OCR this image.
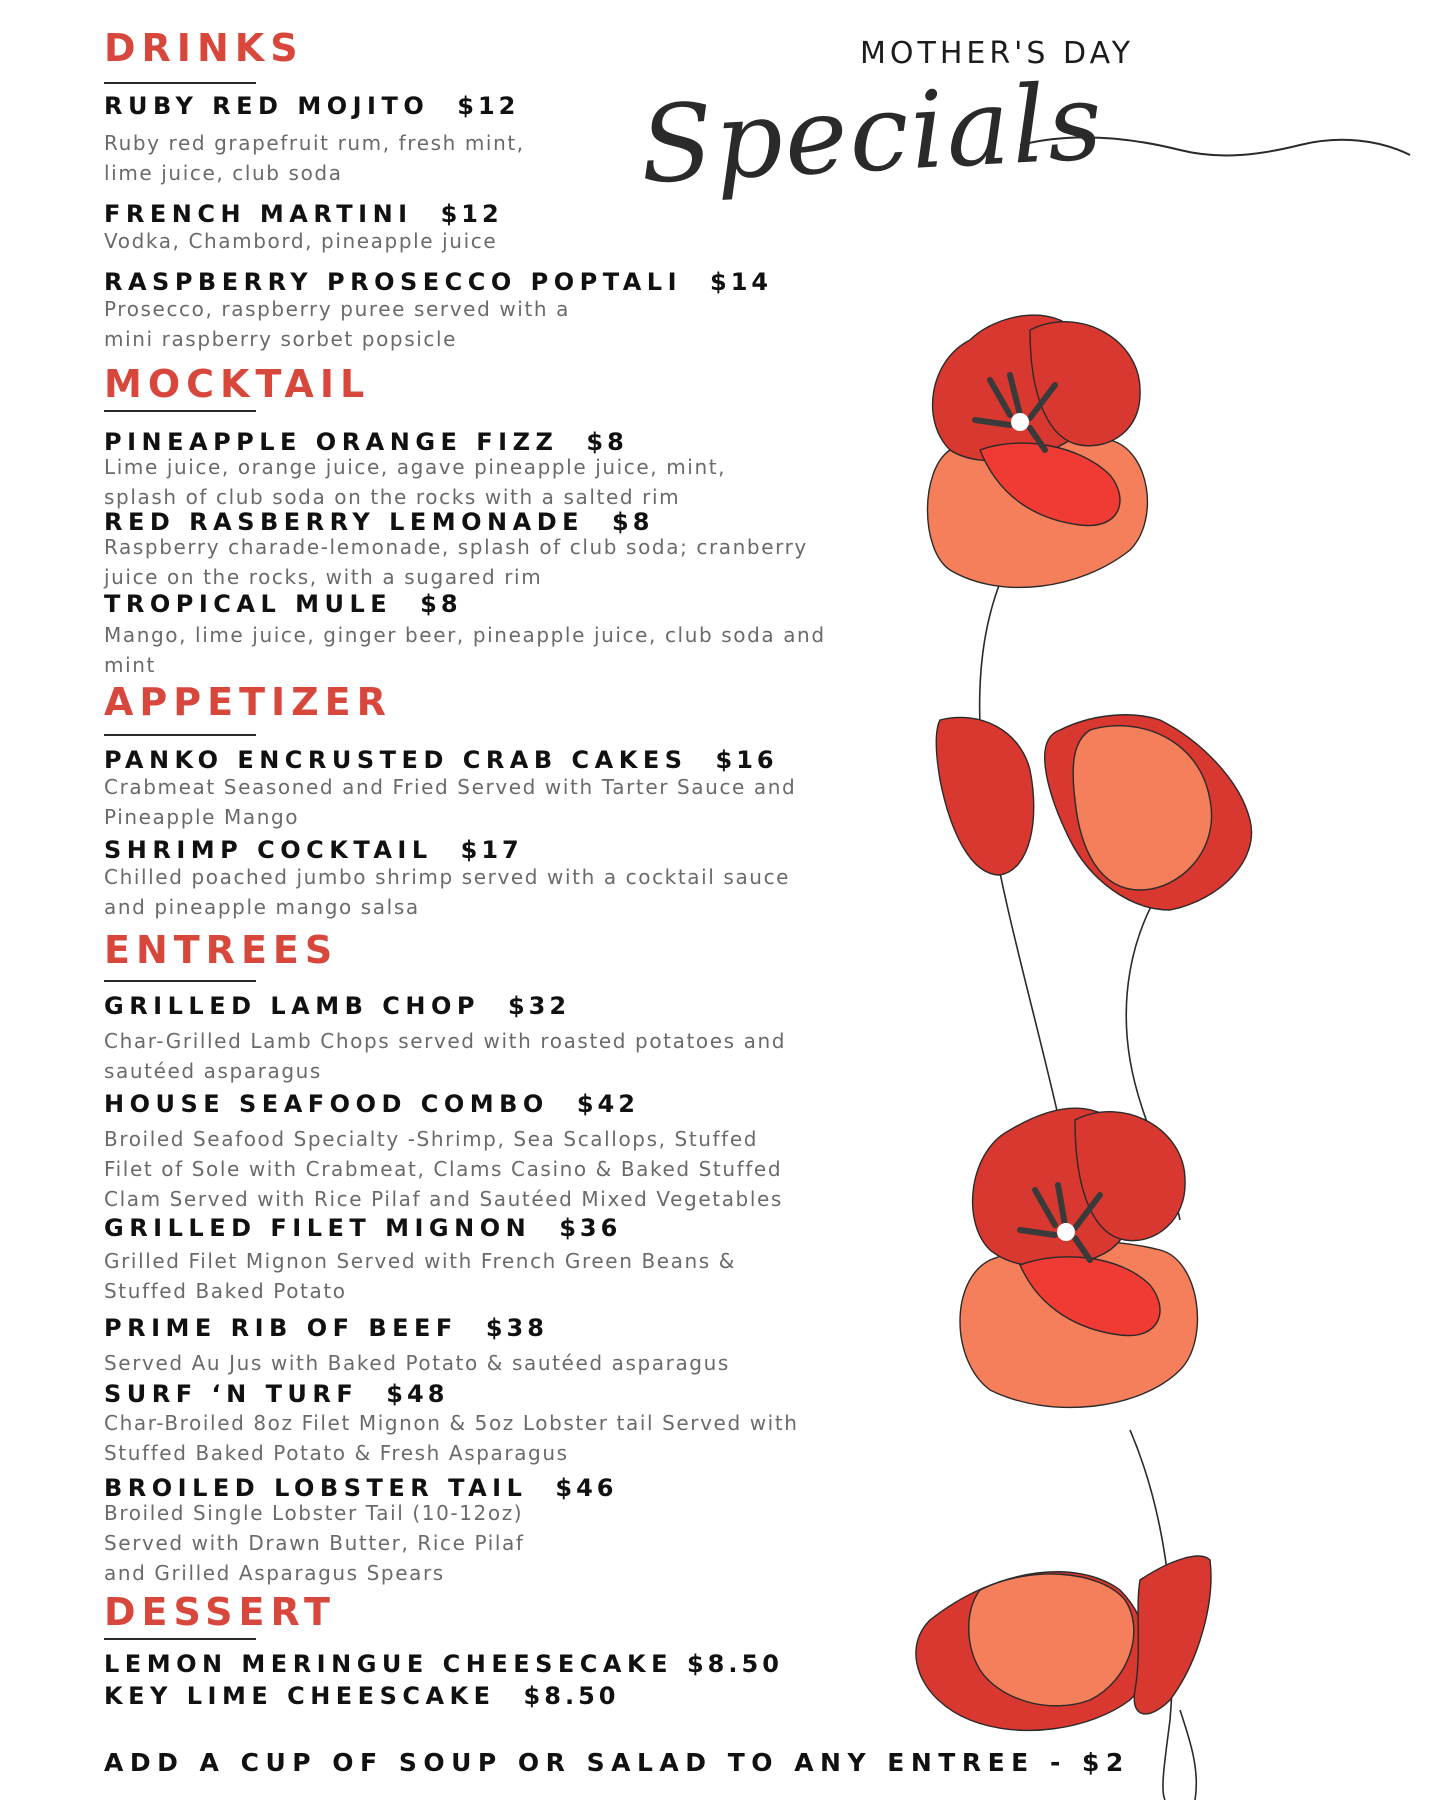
MOTHER'S DAY
Specials
DRINKS
RUBY RED MOJITO $12
Ruby red grapefruit rum, fresh mint,
lime juice, club soda
FRENCH MARTINI $12
Vodka, Chambord, pineapple juice
RASPBERRY PROSECCO POPTALI $14
Prosecco, raspberry puree served with a
mini raspberry sorbet popsicle
MOCKTAIL
PINEAPPLE ORANGE FIZZ $8
Lime juice, orange juice, agave pineapple juice, mint,
splash of club soda on the rocks with a salted rim
RED RASBERRY LEMONADE $8
Raspberry charade-lemonade, splash of club soda; cranberry
juice on the rocks, with a sugared rim
TROPICAL MULE $8
Mango, lime juice, ginger beer, pineapple juice, club soda and
mint
APPETIZER
PANKO ENCRUSTED CRAB CAKES $16
Crabmeat Seasoned and Fried Served with Tarter Sauce and
Pineapple Mango
SHRIMP COCKTAIL $17
Chilled poached jumbo shrimp served with a cocktail sauce
and pineapple mango salsa
ENTREES
GRILLED LAMB CHOP $32
Char-Grilled Lamb Chops served with roasted potatoes and
sautéed asparagus
HOUSE SEAFOOD COMBO $42
Broiled Seafood Specialty -Shrimp, Sea Scallops, Stuffed
Filet of Sole with Crabmeat, Clams Casino & Baked Stuffed
Clam Served with Rice Pilaf and Sautéed Mixed Vegetables
GRILLED FILET MIGNON $36
Grilled Filet Mignon Served with French Green Beans &
Stuffed Baked Potato
PRIME RIB OF BEEF $38
Served Au Jus with Baked Potato & sautéed asparagus
SURF ‘N TURF $48
Char-Broiled 8oz Filet Mignon & 5oz Lobster tail Served with
Stuffed Baked Potato & Fresh Asparagus
BROILED LOBSTER TAIL $46
Broiled Single Lobster Tail (10-12oz)
Served with Drawn Butter, Rice Pilaf
and Grilled Asparagus Spears
DESSERT
LEMON MERINGUE CHEESECAKE $8.50
KEY LIME CHEESCAKE $8.50
ADD A CUP OF SOUP OR SALAD TO ANY ENTREE - $2
